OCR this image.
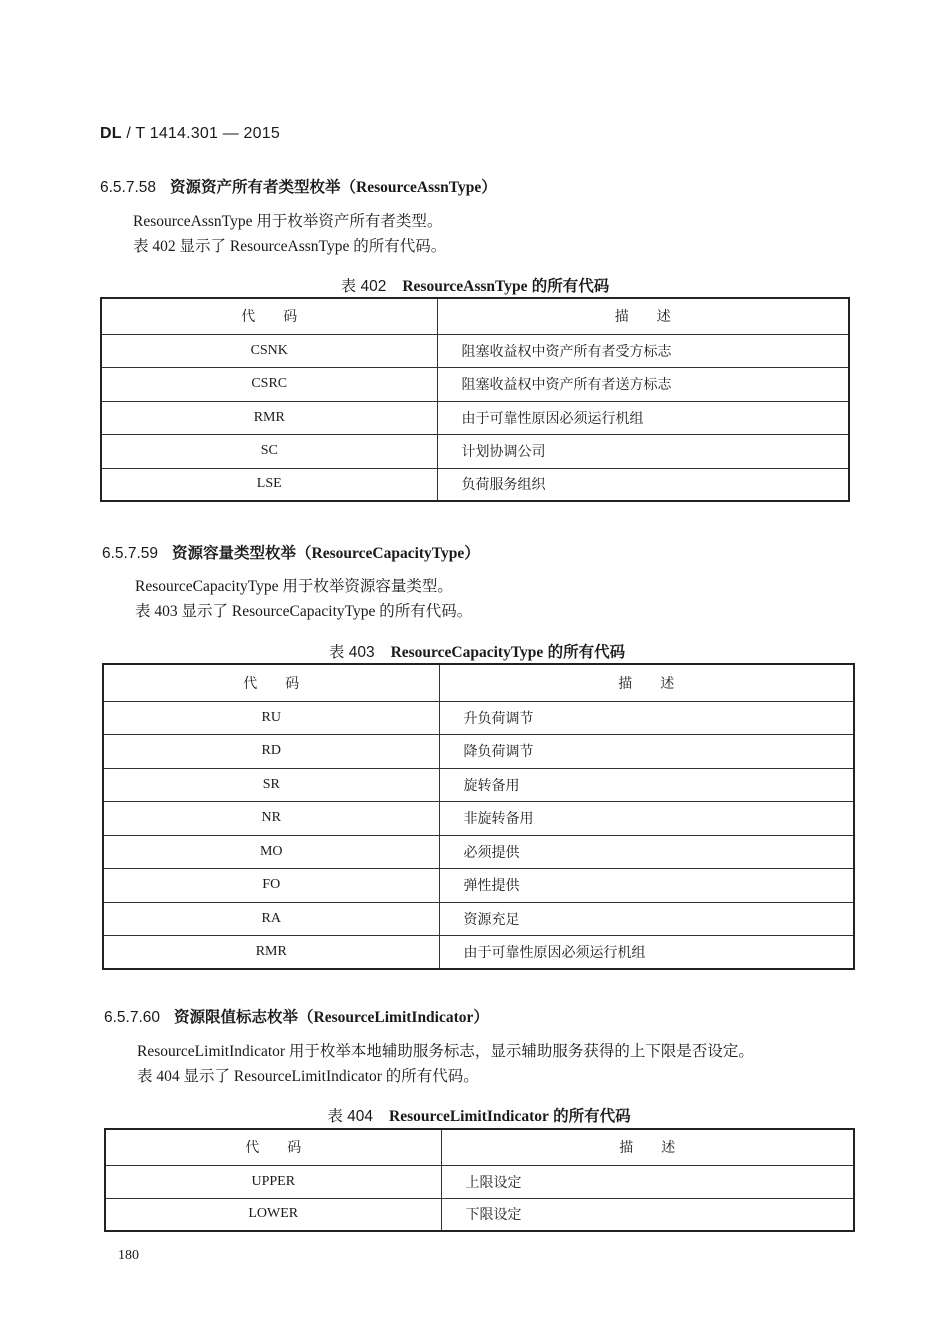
DL / T 1414.301 — 2015
6.5.7.58 资源资产所有者类型枚举（ResourceAssnType）
ResourceAssnType 用于枚举资产所有者类型。
表 402 显示了 ResourceAssnType 的所有代码。
表 402 ResourceAssnType 的所有代码
代　　码	描　　述
CSNK	阻塞收益权中资产所有者受方标志
CSRC	阻塞收益权中资产所有者送方标志
RMR	由于可靠性原因必须运行机组
SC	计划协调公司
LSE	负荷服务组织
6.5.7.59 资源容量类型枚举（ResourceCapacityType）
ResourceCapacityType 用于枚举资源容量类型。
表 403 显示了 ResourceCapacityType 的所有代码。
表 403 ResourceCapacityType 的所有代码
代　　码	描　　述
RU	升负荷调节
RD	降负荷调节
SR	旋转备用
NR	非旋转备用
MO	必须提供
FO	弹性提供
RA	资源充足
RMR	由于可靠性原因必须运行机组
6.5.7.60 资源限值标志枚举（ResourceLimitIndicator）
ResourceLimitIndicator 用于枚举本地辅助服务标志，显示辅助服务获得的上下限是否设定。
表 404 显示了 ResourceLimitIndicator 的所有代码。
表 404 ResourceLimitIndicator 的所有代码
代　　码	描　　述
UPPER	上限设定
LOWER	下限设定
180
